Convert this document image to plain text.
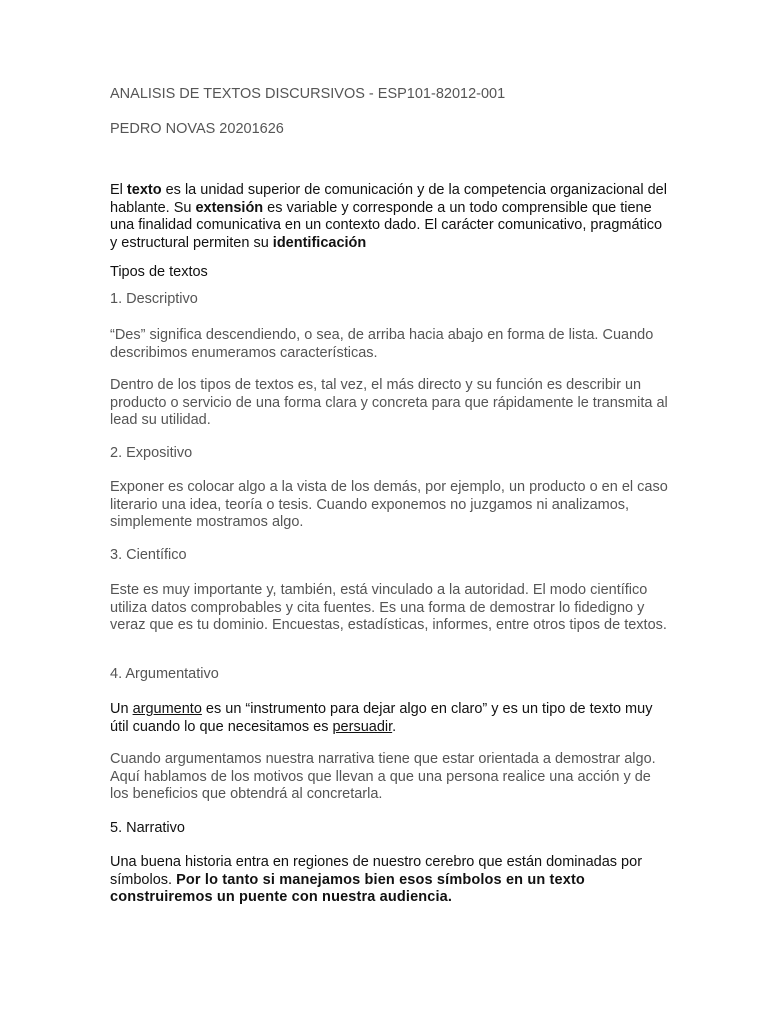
ANALISIS DE TEXTOS DISCURSIVOS - ESP101-82012-001

PEDRO NOVAS 20201626

El texto es la unidad superior de comunicación y de la competencia organizacional del hablante. Su extensión es variable y corresponde a un todo comprensible que tiene una finalidad comunicativa en un contexto dado. El carácter comunicativo, pragmático y estructural permiten su identificación

Tipos de textos

1. Descriptivo

“Des” significa descendiendo, o sea, de arriba hacia abajo en forma de lista. Cuando describimos enumeramos características.

Dentro de los tipos de textos es, tal vez, el más directo y su función es describir un producto o servicio de una forma clara y concreta para que rápidamente le transmita al lead su utilidad.

2. Expositivo

Exponer es colocar algo a la vista de los demás, por ejemplo, un producto o en el caso literario una idea, teoría o tesis. Cuando exponemos no juzgamos ni analizamos, simplemente mostramos algo.

3. Científico

Este es muy importante y, también, está vinculado a la autoridad. El modo científico utiliza datos comprobables y cita fuentes. Es una forma de demostrar lo fidedigno y veraz que es tu dominio. Encuestas, estadísticas, informes, entre otros tipos de textos.

4. Argumentativo

Un argumento es un “instrumento para dejar algo en claro” y es un tipo de texto muy útil cuando lo que necesitamos es persuadir.

Cuando argumentamos nuestra narrativa tiene que estar orientada a demostrar algo. Aquí hablamos de los motivos que llevan a que una persona realice una acción y de los beneficios que obtendrá al concretarla.

5. Narrativo

Una buena historia entra en regiones de nuestro cerebro que están dominadas por símbolos. Por lo tanto si manejamos bien esos símbolos en un texto construiremos un puente con nuestra audiencia.
